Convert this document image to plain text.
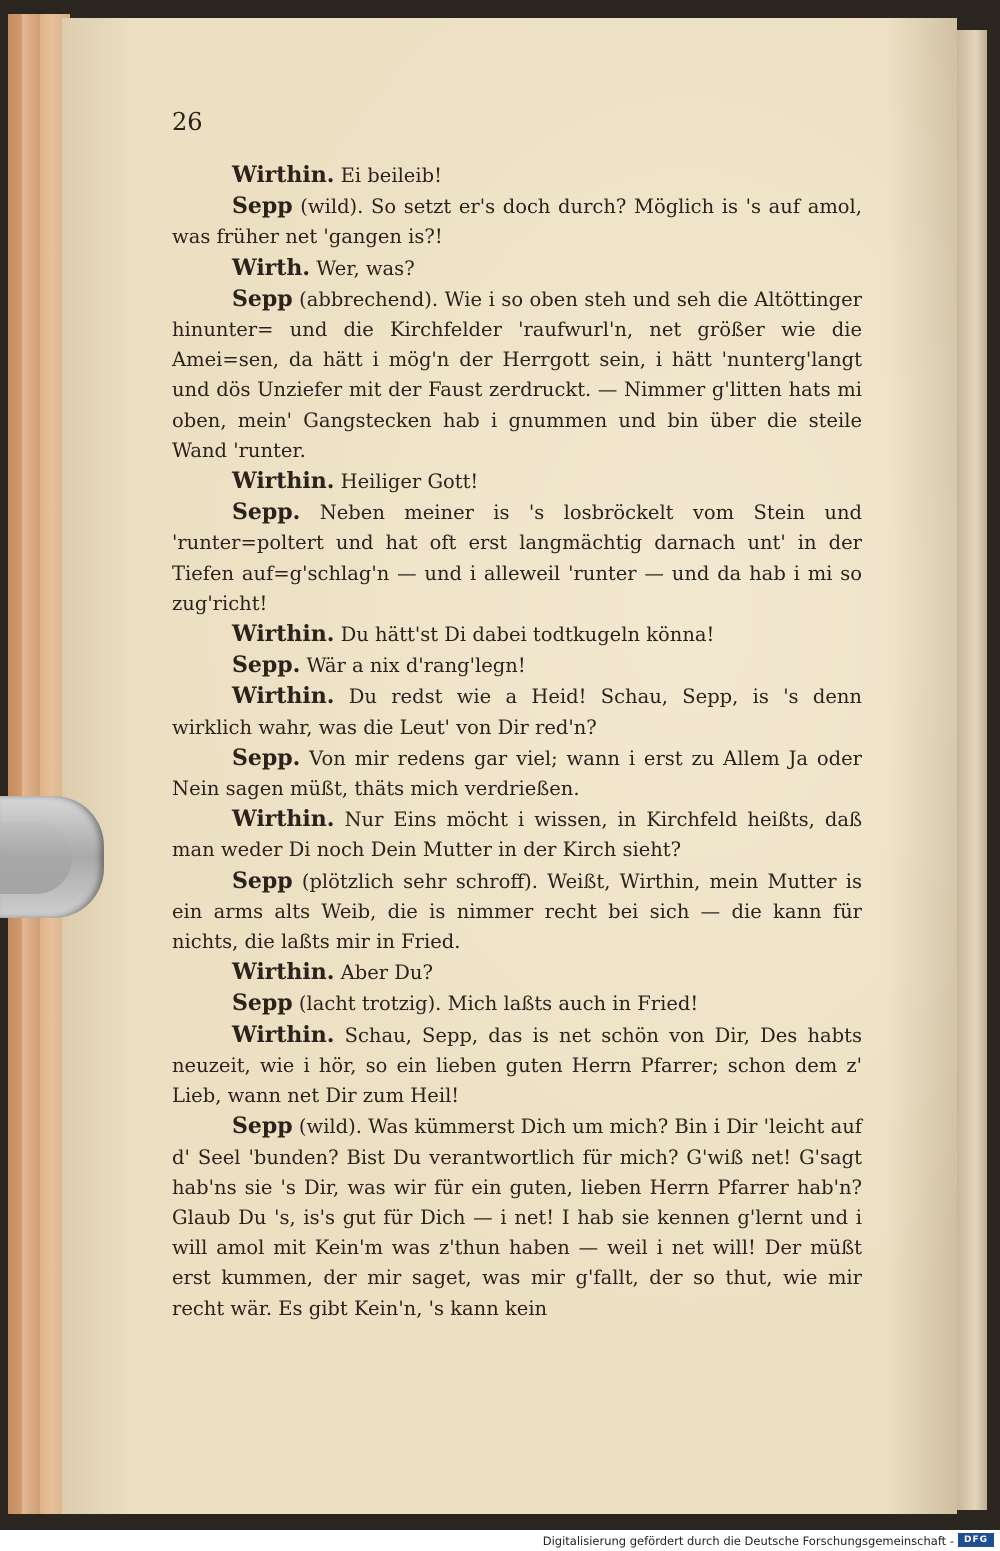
26

Wirthin. Ei beileib!

Sepp (wild). So setzt er's doch durch? Möglich is 's auf amol, was früher net 'gangen is?!

Wirth. Wer, was?

Sepp (abbrechend). Wie i so oben steh und seh die Altöttinger hinunter= und die Kirchfelder 'raufwurl'n, net größer wie die Amei=sen, da hätt i mög'n der Herrgott sein, i hätt 'nunterg'langt und dös Unziefer mit der Faust zerdruckt. — Nimmer g'litten hats mi oben, mein' Gangstecken hab i gnummen und bin über die steile Wand 'runter.

Wirthin. Heiliger Gott!

Sepp. Neben meiner is 's losbröckelt vom Stein und 'runter=poltert und hat oft erst langmächtig darnach unt' in der Tiefen auf=g'schlag'n — und i alleweil 'runter — und da hab i mi so zug'richt!

Wirthin. Du hätt'st Di dabei todtkugeln könna!

Sepp. Wär a nix d'rang'legn!

Wirthin. Du redst wie a Heid! Schau, Sepp, is 's denn wirklich wahr, was die Leut' von Dir red'n?

Sepp. Von mir redens gar viel; wann i erst zu Allem Ja oder Nein sagen müßt, thäts mich verdrießen.

Wirthin. Nur Eins möcht i wissen, in Kirchfeld heißts, daß man weder Di noch Dein Mutter in der Kirch sieht?

Sepp (plötzlich sehr schroff). Weißt, Wirthin, mein Mutter is ein arms alts Weib, die is nimmer recht bei sich — die kann für nichts, die laßts mir in Fried.

Wirthin. Aber Du?

Sepp (lacht trotzig). Mich laßts auch in Fried!

Wirthin. Schau, Sepp, das is net schön von Dir, Des habts neuzeit, wie i hör, so ein lieben guten Herrn Pfarrer; schon dem z' Lieb, wann net Dir zum Heil!

Sepp (wild). Was kümmerst Dich um mich? Bin i Dir 'leicht auf d' Seel 'bunden? Bist Du verantwortlich für mich? G'wiß net! G'sagt hab'ns sie 's Dir, was wir für ein guten, lieben Herrn Pfarrer hab'n? Glaub Du 's, is's gut für Dich — i net! I hab sie kennen g'lernt und i will amol mit Kein'm was z'thun haben — weil i net will! Der müßt erst kummen, der mir saget, was mir g'fallt, der so thut, wie mir recht wär. Es gibt Kein'n, 's kann kein

Digitalisierung gefördert durch die Deutsche Forschungsgemeinschaft -	DFG
